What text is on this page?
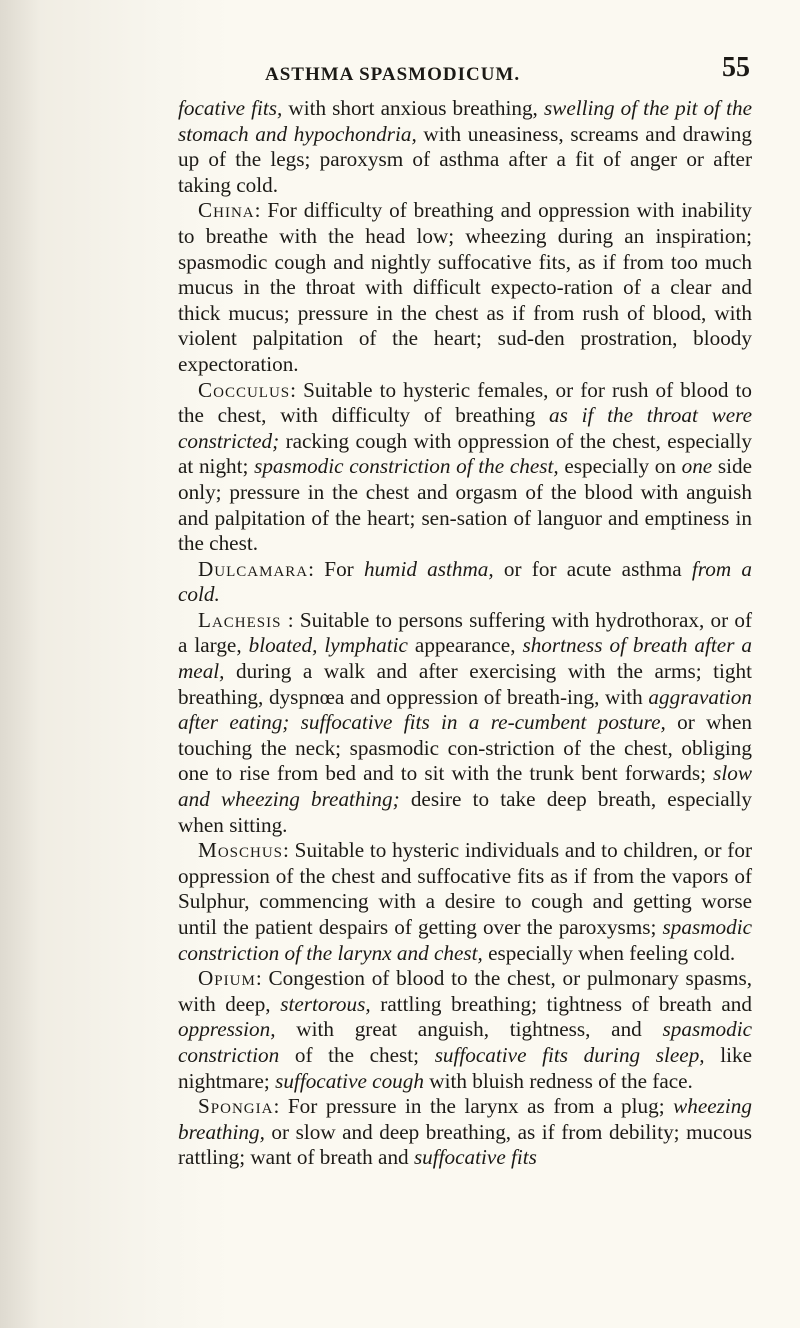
ASTHMA SPASMODICUM.	55

focative fits, with short anxious breathing, swelling of the pit of the stomach and hypochondria, with uneasiness, screams and drawing up of the legs; paroxysm of asthma after a fit of anger or after taking cold.

China: For difficulty of breathing and oppression with inability to breathe with the head low; wheezing during an inspiration; spasmodic cough and nightly suffocative fits, as if from too much mucus in the throat with difficult expecto-ration of a clear and thick mucus; pressure in the chest as if from rush of blood, with violent palpitation of the heart; sud-den prostration, bloody expectoration.

Cocculus: Suitable to hysteric females, or for rush of blood to the chest, with difficulty of breathing as if the throat were constricted; racking cough with oppression of the chest, especially at night; spasmodic constriction of the chest, especially on one side only; pressure in the chest and orgasm of the blood with anguish and palpitation of the heart; sen-sation of languor and emptiness in the chest.

Dulcamara: For humid asthma, or for acute asthma from a cold.

Lachesis : Suitable to persons suffering with hydrothorax, or of a large, bloated, lymphatic appearance, shortness of breath after a meal, during a walk and after exercising with the arms; tight breathing, dyspnœa and oppression of breath-ing, with aggravation after eating; suffocative fits in a re-cumbent posture, or when touching the neck; spasmodic con-striction of the chest, obliging one to rise from bed and to sit with the trunk bent forwards; slow and wheezing breathing; desire to take deep breath, especially when sitting.

Moschus: Suitable to hysteric individuals and to children, or for oppression of the chest and suffocative fits as if from the vapors of Sulphur, commencing with a desire to cough and getting worse until the patient despairs of getting over the paroxysms; spasmodic constriction of the larynx and chest, especially when feeling cold.

Opium: Congestion of blood to the chest, or pulmonary spasms, with deep, stertorous, rattling breathing; tightness of breath and oppression, with great anguish, tightness, and spasmodic constriction of the chest; suffocative fits during sleep, like nightmare; suffocative cough with bluish redness of the face.

Spongia: For pressure in the larynx as from a plug; wheezing breathing, or slow and deep breathing, as if from debility; mucous rattling; want of breath and suffocative fits
